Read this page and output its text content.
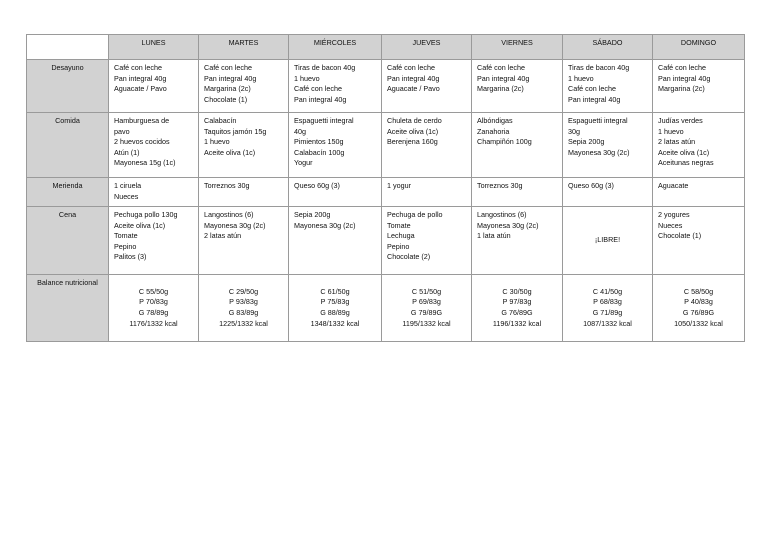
	LUNES	MARTES	MIÉRCOLES	JUEVES	VIERNES	SÁBADO	DOMINGO
Desayuno	Café con leche
Pan integral 40g
Aguacate / Pavo	Café con leche
Pan integral 40g
Margarina (2c)
Chocolate (1)	Tiras de bacon 40g
1 huevo
Café con leche
Pan integral 40g	Café con leche
Pan integral 40g
Aguacate / Pavo	Café con leche
Pan integral 40g
Margarina (2c)	Tiras de bacon 40g
1 huevo
Café con leche
Pan integral 40g	Café con leche
Pan integral 40g
Margarina (2c)

Comida	Hamburguesa de
pavo
2 huevos cocidos
Atún (1)
Mayonesa 15g (1c)	Calabacín
Taquitos jamón 15g
1 huevo
Aceite oliva (1c)	Espaguetti integral
40g
Pimientos 150g
Calabacín 100g
Yogur	Chuleta de cerdo
Aceite oliva (1c)
Berenjena 160g	Albóndigas
Zanahoria
Champiñón 100g	Espaguetti integral
30g
Sepia 200g
Mayonesa 30g (2c)	Judías verdes
1 huevo
2 latas atún
Aceite oliva (1c)
Aceitunas negras

Merienda	1 ciruela
Nueces	Torreznos 30g	Queso 60g (3)	1 yogur	Torreznos 30g	Queso 60g (3)	Aguacate

Cena	Pechuga pollo 130g
Aceite oliva (1c)
Tomate
Pepino
Palitos (3)	Langostinos (6)
Mayonesa 30g (2c)
2 latas atún	Sepia 200g
Mayonesa 30g (2c)	Pechuga de pollo
Tomate
Lechuga
Pepino
Chocolate (2)	Langostinos (6)
Mayonesa 30g (2c)
1 lata atún	¡LIBRE!	2 yogures
Nueces
Chocolate (1)

Balance nutricional	C 55/50g
P 70/83g
G 78/89g
1176/1332 kcal	C 29/50g
P 93/83g
G 83/89g
1225/1332 kcal	C 61/50g
P 75/83g
G 88/89g
1348/1332 kcal	C 51/50g
P 69/83g
G 79/89G
1195/1332 kcal	C 30/50g
P 97/83g
G 76/89G
1196/1332 kcal	C 41/50g
P 68/83g
G 71/89g
1087/1332 kcal	C 58/50g
P 40/83g
G 76/89G
1050/1332 kcal
